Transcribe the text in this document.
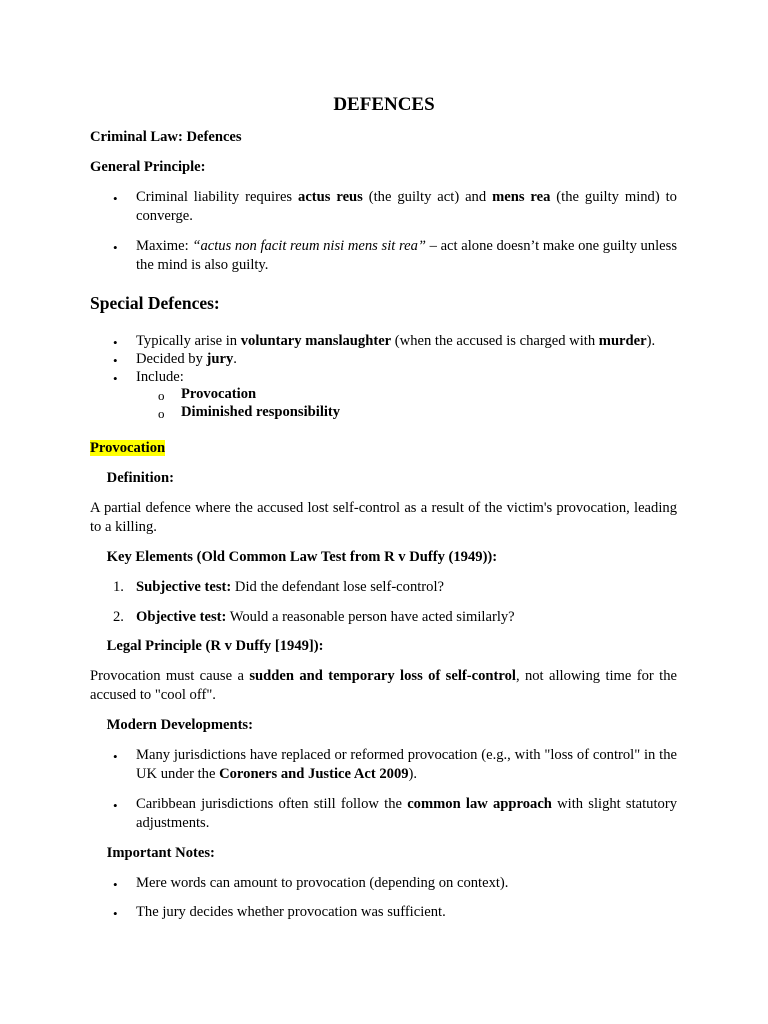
DEFENCES
Criminal Law: Defences
General Principle:
•	Criminal liability requires actus reus (the guilty act) and mens rea (the guilty mind) to converge.
•	Maxime: “actus non facit reum nisi mens sit rea” – act alone doesn’t make one guilty unless the mind is also guilty.
Special Defences:
•	Typically arise in voluntary manslaughter (when the accused is charged with murder).
•	Decided by jury.
•	Include:
o	Provocation
o	Diminished responsibility
Provocation
Definition:
A partial defence where the accused lost self-control as a result of the victim's provocation, leading to a killing.
Key Elements (Old Common Law Test from R v Duffy (1949)):
1. Subjective test: Did the defendant lose self-control?
2. Objective test: Would a reasonable person have acted similarly?
Legal Principle (R v Duffy [1949]):
Provocation must cause a sudden and temporary loss of self-control, not allowing time for the accused to "cool off".
Modern Developments:
•	Many jurisdictions have replaced or reformed provocation (e.g., with "loss of control" in the UK under the Coroners and Justice Act 2009).
•	Caribbean jurisdictions often still follow the common law approach with slight statutory adjustments.
Important Notes:
•	Mere words can amount to provocation (depending on context).
•	The jury decides whether provocation was sufficient.
